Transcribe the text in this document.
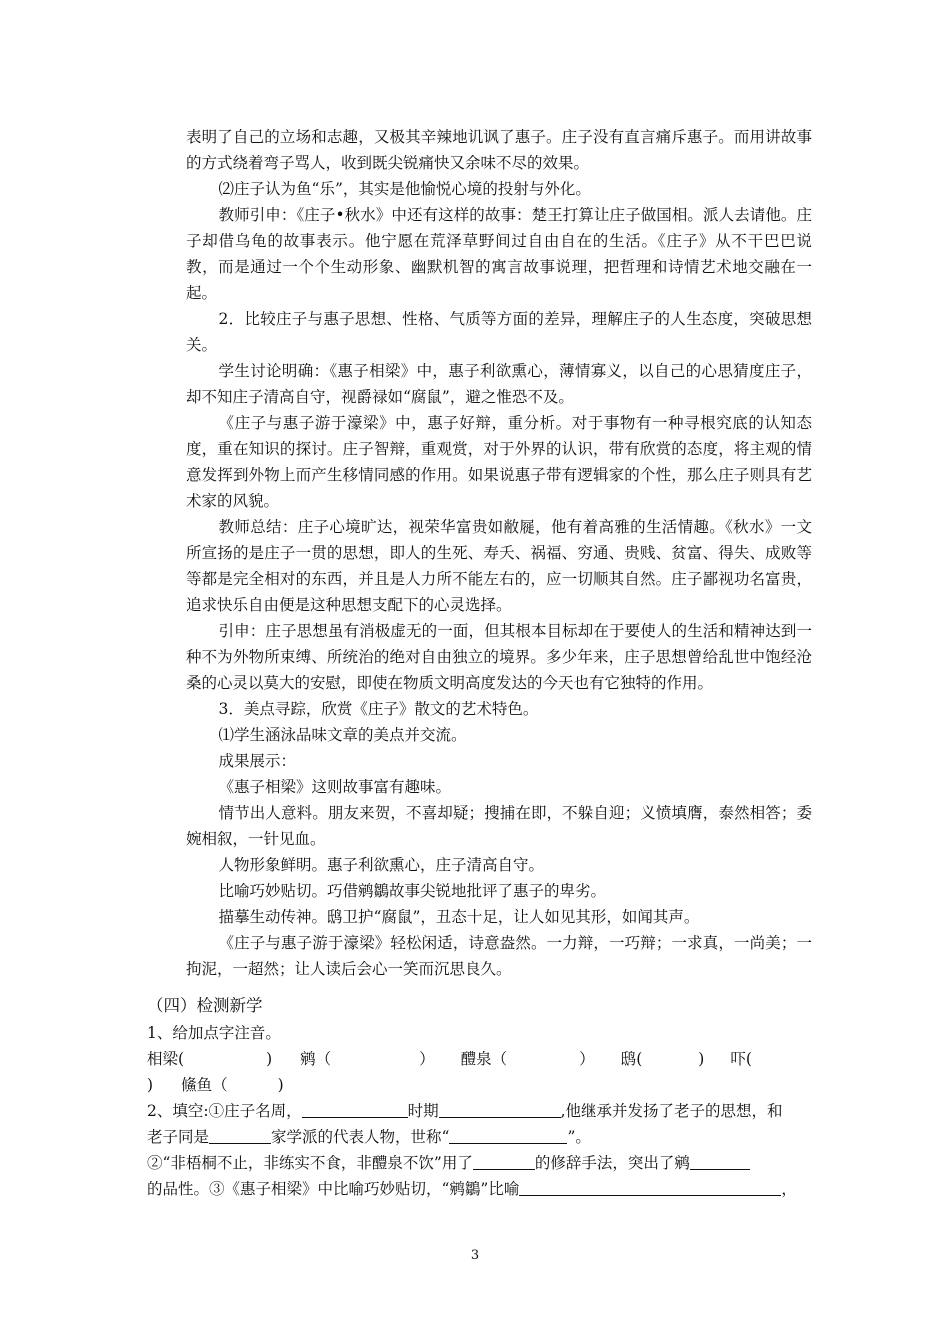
表明了自己的立场和志趣，又极其辛辣地讥讽了惠子。庄子没有直言痛斥惠子。而用讲故事的方式绕着弯子骂人，收到既尖锐痛快又余味不尽的效果。

⑵庄子认为鱼“乐”，其实是他愉悦心境的投射与外化。

教师引申：《庄子•秋水》中还有这样的故事：楚王打算让庄子做国相。派人去请他。庄子却借乌龟的故事表示。他宁愿在荒泽草野间过自由自在的生活。《庄子》从不干巴巴说教，而是通过一个个生动形象、幽默机智的寓言故事说理，把哲理和诗情艺术地交融在一起。

2．比较庄子与惠子思想、性格、气质等方面的差异，理解庄子的人生态度，突破思想关。

学生讨论明确：《惠子相梁》中，惠子利欲熏心，薄情寡义，以自己的心思猜度庄子，却不知庄子清高自守，视爵禄如“腐鼠”，避之惟恐不及。

《庄子与惠子游于濠梁》中，惠子好辩，重分析。对于事物有一种寻根究底的认知态度，重在知识的探讨。庄子智辩，重观赏，对于外界的认识，带有欣赏的态度，将主观的情意发挥到外物上而产生移情同感的作用。如果说惠子带有逻辑家的个性，那么庄子则具有艺术家的风貌。

教师总结：庄子心境旷达，视荣华富贵如敝屣，他有着高雅的生活情趣。《秋水》一文所宣扬的是庄子一贯的思想，即人的生死、寿夭、祸福、穷通、贵贱、贫富、得失、成败等等都是完全相对的东西，并且是人力所不能左右的，应一切顺其自然。庄子鄙视功名富贵，追求快乐自由便是这种思想支配下的心灵选择。

引申：庄子思想虽有消极虚无的一面，但其根本目标却在于要使人的生活和精神达到一种不为外物所束缚、所统治的绝对自由独立的境界。多少年来，庄子思想曾给乱世中饱经沧桑的心灵以莫大的安慰，即使在物质文明高度发达的今天也有它独特的作用。

3．美点寻踪，欣赏《庄子》散文的艺术特色。

⑴学生涵泳品味文章的美点并交流。

成果展示：

《惠子相梁》这则故事富有趣味。

情节出人意料。朋友来贺，不喜却疑；搜捕在即，不躲自迎；义愤填膺，泰然相答；委婉相叙，一针见血。

人物形象鲜明。惠子利欲熏心，庄子清高自守。

比喻巧妙贴切。巧借鹓鶵故事尖锐地批评了惠子的卑劣。

描摹生动传神。鸱卫护“腐鼠”，丑态十足，让人如见其形，如闻其声。

《庄子与惠子游于濠梁》轻松闲适，诗意盎然。一力辩，一巧辩；一求真，一尚美；一拘泥，一超然；让人读后会心一笑而沉思良久。

（四）检测新学

1、给加点字注音。

相梁(	) 鹓（	） 醴泉（	） 鸱(	) 吓(

) 鯈鱼（	)

2、填空:①庄子名周，	时期	,他继承并发扬了老子的思想，和

老子同是	家学派的代表人物，世称“	”。

②“非梧桐不止，非练实不食，非醴泉不饮”用了	的修辞手法，突出了鹓

的品性。③《惠子相梁》中比喻巧妙贴切，“鹓鶵”比喻	，

3
